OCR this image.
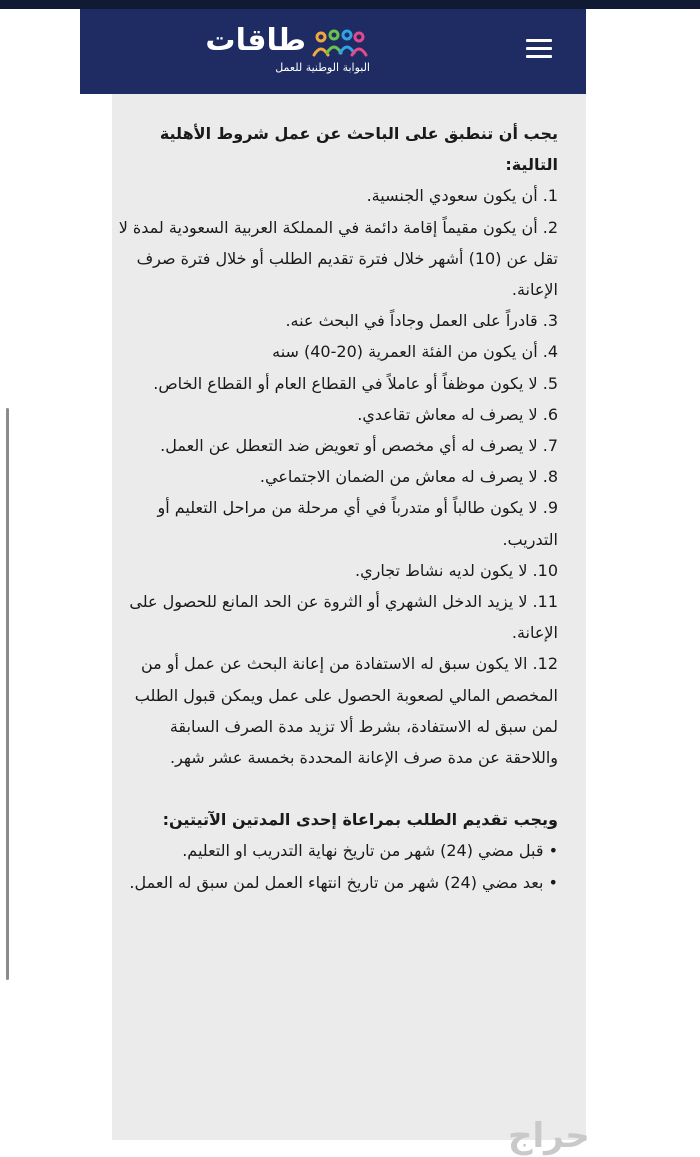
طاقات
البوابة الوطنية للعمل

يجب أن تنطبق على الباحث عن عمل شروط الأهلية التالية:

1. أن يكون سعودي الجنسية.

2. أن يكون مقيماً إقامة دائمة في المملكة العربية السعودية لمدة لا تقل عن (10) أشهر خلال فترة تقديم الطلب أو خلال فترة صرف الإعانة.

3. قادراً على العمل وجاداً في البحث عنه.

4. أن يكون من الفئة العمرية (20-40) سنه

5. لا يكون موظفاً أو عاملاً في القطاع العام أو القطاع الخاص.

6. لا يصرف له معاش تقاعدي.

7. لا يصرف له أي مخصص أو تعويض ضد التعطل عن العمل.

8. لا يصرف له معاش من الضمان الاجتماعي.

9. لا يكون طالباً أو متدرباً في أي مرحلة من مراحل التعليم أو التدريب.

10. لا يكون لديه نشاط تجاري.

11. لا يزيد الدخل الشهري أو الثروة عن الحد المانع للحصول على الإعانة.

12. الا يكون سبق له الاستفادة من إعانة البحث عن عمل أو من المخصص المالي لصعوبة الحصول على عمل ويمكن قبول الطلب لمن سبق له الاستفادة، بشرط ألا تزيد مدة الصرف السابقة واللاحقة عن مدة صرف الإعانة المحددة بخمسة عشر شهر.

ويجب تقديم الطلب بمراعاة إحدى المدتين الآتيتين:

• قبل مضي (24) شهر من تاريخ نهاية التدريب او التعليم.

• بعد مضي (24) شهر من تاريخ انتهاء العمل لمن سبق له العمل.

حراج
